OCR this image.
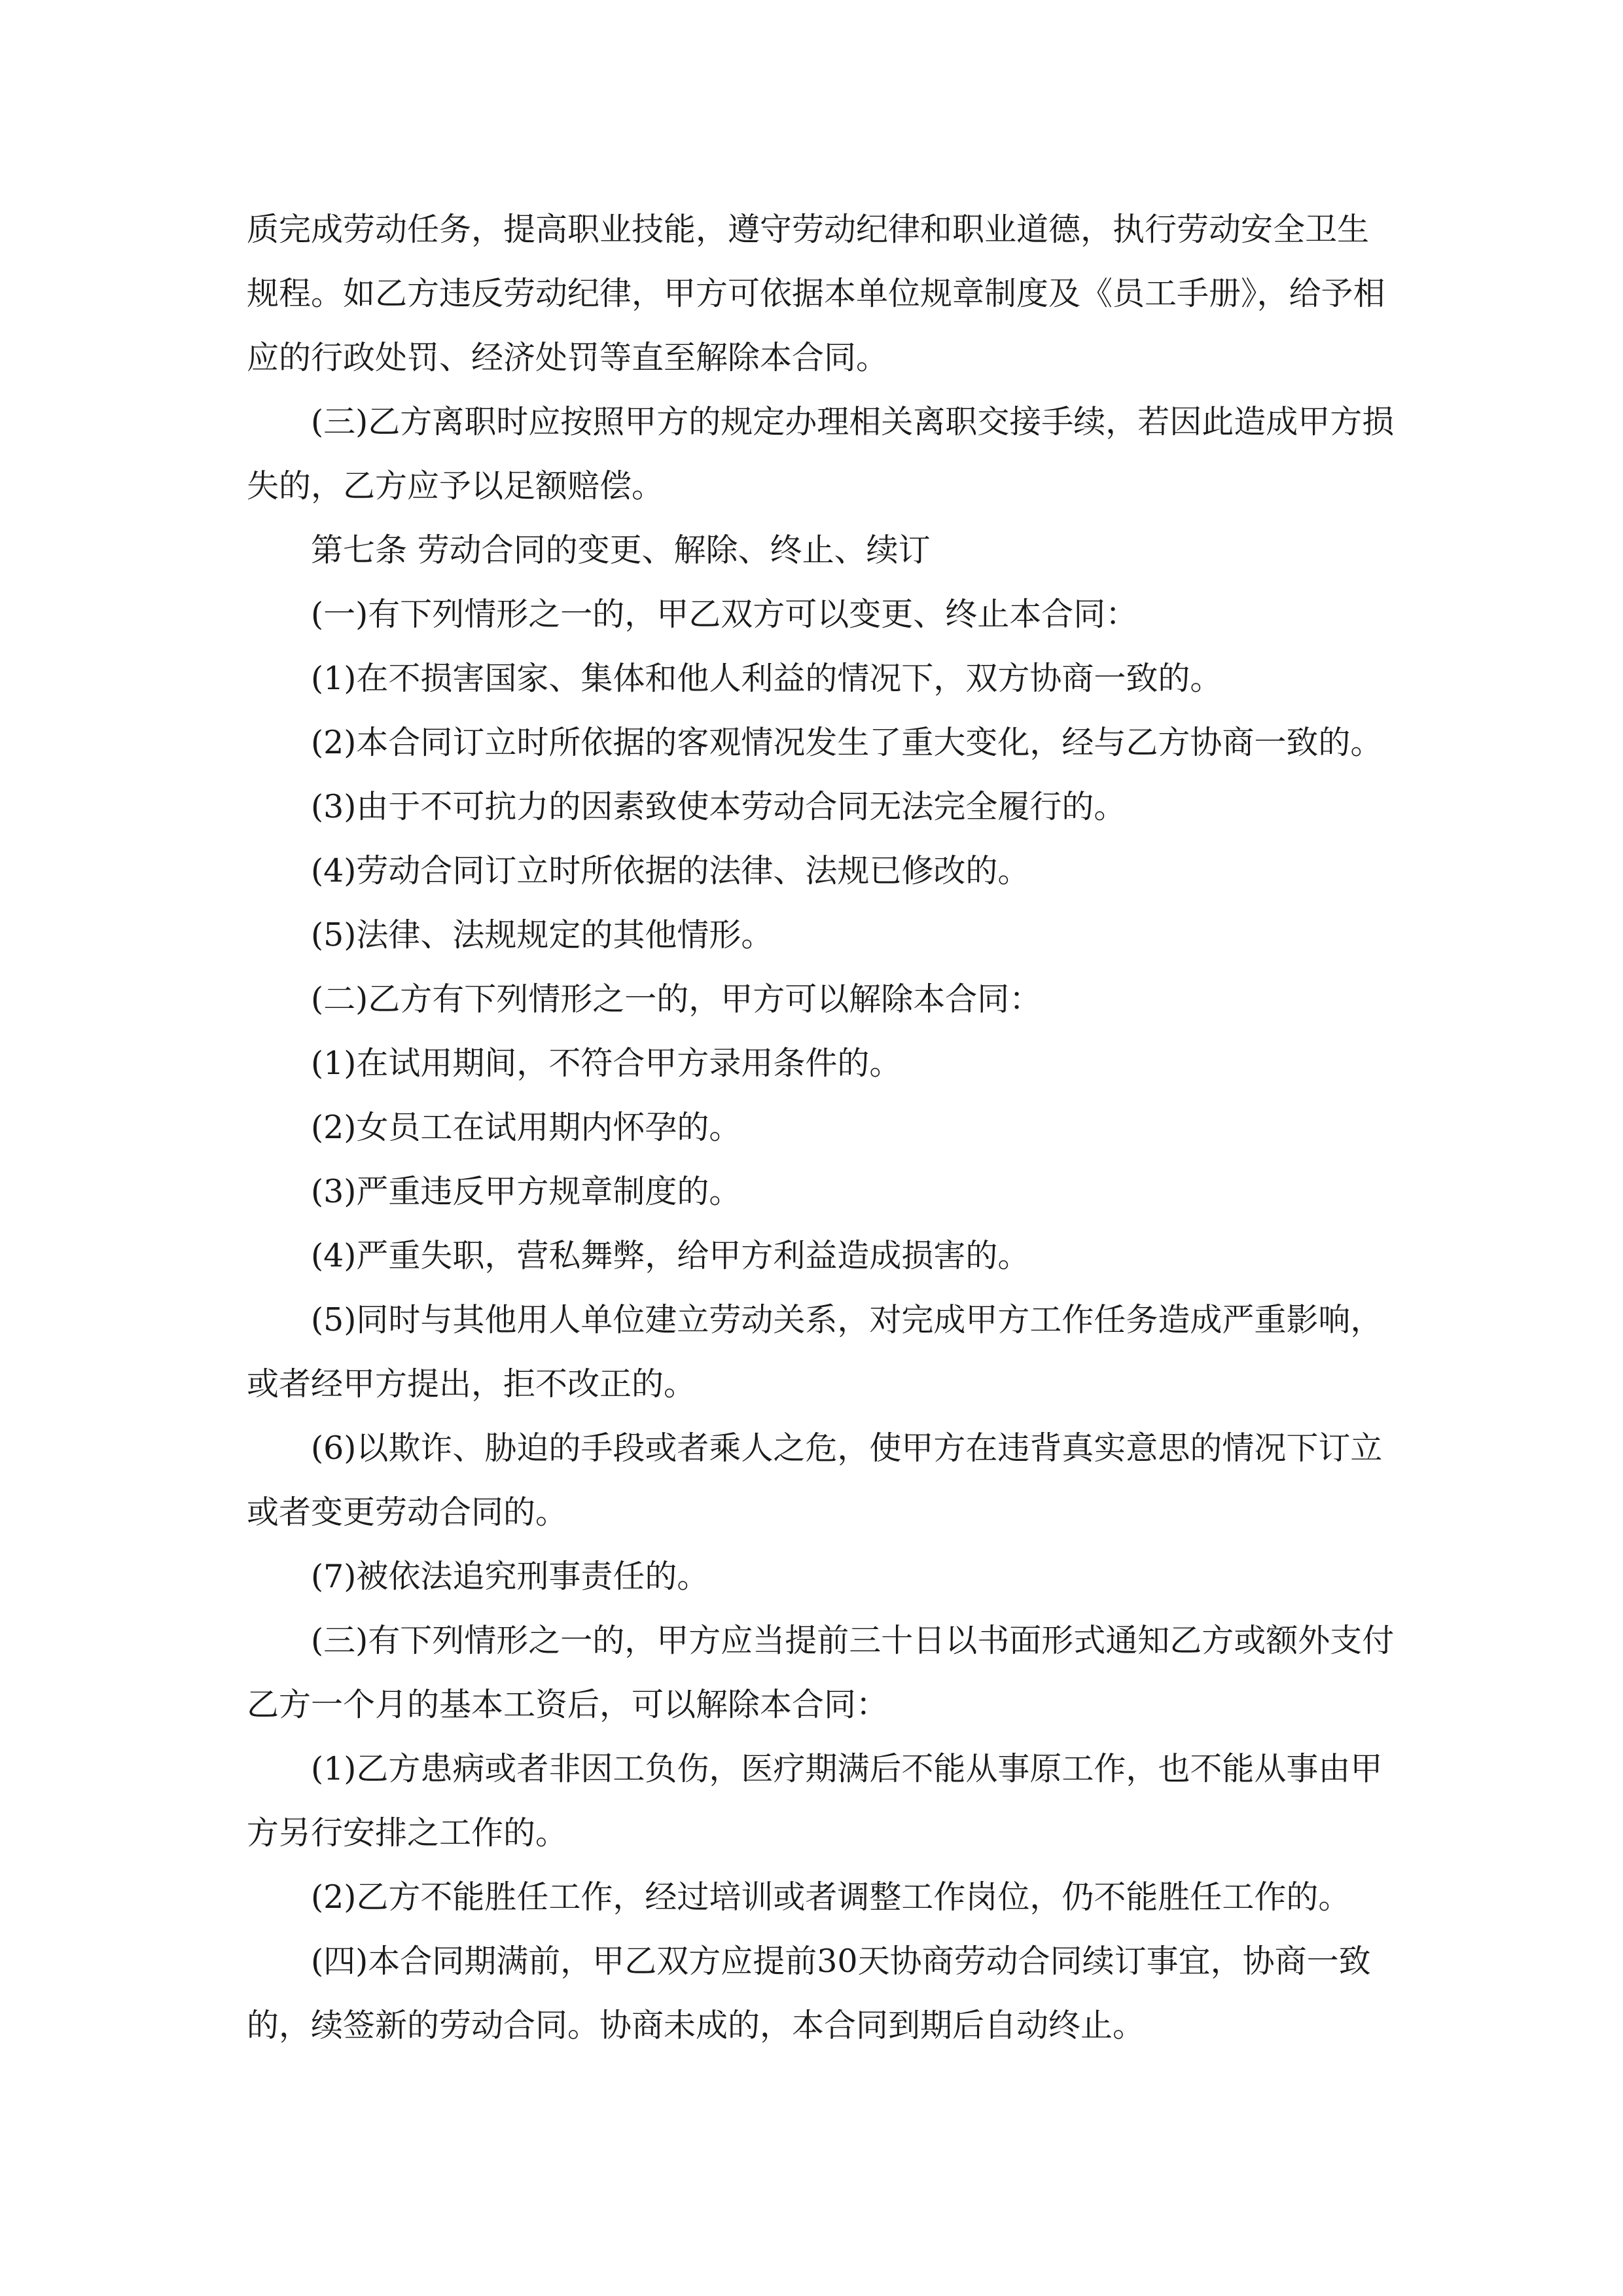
质完成劳动任务，提高职业技能，遵守劳动纪律和职业道德，执行劳动安全卫生规程。如乙方违反劳动纪律，甲方可依据本单位规章制度及《员工手册》，给予相应的行政处罚、经济处罚等直至解除本合同。

(三)乙方离职时应按照甲方的规定办理相关离职交接手续，若因此造成甲方损失的，乙方应予以足额赔偿。

第七条 劳动合同的变更、解除、终止、续订

(一)有下列情形之一的，甲乙双方可以变更、终止本合同：

(1)在不损害国家、集体和他人利益的情况下，双方协商一致的。

(2)本合同订立时所依据的客观情况发生了重大变化，经与乙方协商一致的。

(3)由于不可抗力的因素致使本劳动合同无法完全履行的。

(4)劳动合同订立时所依据的法律、法规已修改的。

(5)法律、法规规定的其他情形。

(二)乙方有下列情形之一的，甲方可以解除本合同：

(1)在试用期间，不符合甲方录用条件的。

(2)女员工在试用期内怀孕的。

(3)严重违反甲方规章制度的。

(4)严重失职，营私舞弊，给甲方利益造成损害的。

(5)同时与其他用人单位建立劳动关系，对完成甲方工作任务造成严重影响，或者经甲方提出，拒不改正的。

(6)以欺诈、胁迫的手段或者乘人之危，使甲方在违背真实意思的情况下订立或者变更劳动合同的。

(7)被依法追究刑事责任的。

(三)有下列情形之一的，甲方应当提前三十日以书面形式通知乙方或额外支付乙方一个月的基本工资后，可以解除本合同：

(1)乙方患病或者非因工负伤，医疗期满后不能从事原工作，也不能从事由甲方另行安排之工作的。

(2)乙方不能胜任工作，经过培训或者调整工作岗位，仍不能胜任工作的。

(四)本合同期满前，甲乙双方应提前30天协商劳动合同续订事宜，协商一致的，续签新的劳动合同。协商未成的，本合同到期后自动终止。
